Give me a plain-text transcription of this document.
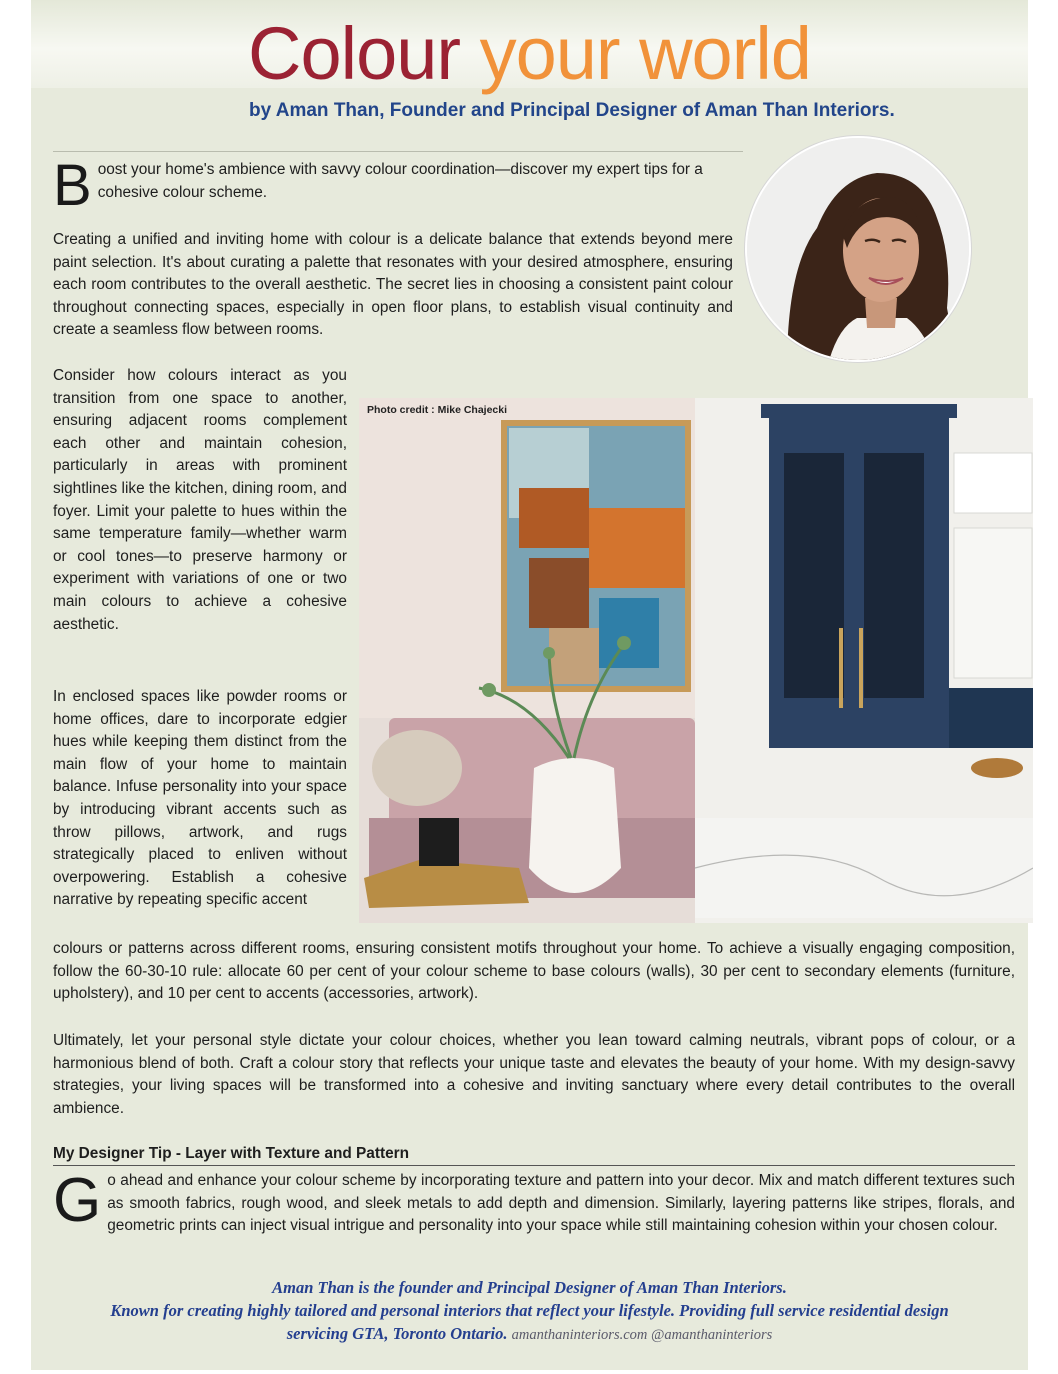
Colour your world
by Aman Than, Founder and Principal Designer of Aman Than Interiors.
Boost your home's ambience with savvy colour coordination—discover my expert tips for a cohesive colour scheme.
Creating a unified and inviting home with colour is a delicate balance that extends beyond mere paint selection. It's about curating a palette that resonates with your desired atmosphere, ensuring each room contributes to the overall aesthetic. The secret lies in choosing a consistent paint colour throughout connecting spaces, especially in open floor plans, to establish visual continuity and create a seamless flow between rooms.
Consider how colours interact as you transition from one space to another, ensuring adjacent rooms complement each other and maintain cohesion, particularly in areas with prominent sightlines like the kitchen, dining room, and foyer. Limit your palette to hues within the same temperature family—whether warm or cool tones—to preserve harmony or experiment with variations of one or two main colours to achieve a cohesive aesthetic.
In enclosed spaces like powder rooms or home offices, dare to incorporate edgier hues while keeping them distinct from the main flow of your home to maintain balance. Infuse personality into your space by introducing vibrant accents such as throw pillows, artwork, and rugs strategically placed to enliven without overpowering. Establish a cohesive narrative by repeating specific accent
Photo credit : Mike Chajecki
colours or patterns across different rooms, ensuring consistent motifs throughout your home. To achieve a visually engaging composition, follow the 60-30-10 rule: allocate 60 per cent of your colour scheme to base colours (walls), 30 per cent to secondary elements (furniture, upholstery), and 10 per cent to accents (accessories, artwork).
Ultimately, let your personal style dictate your colour choices, whether you lean toward calming neutrals, vibrant pops of colour, or a harmonious blend of both. Craft a colour story that reflects your unique taste and elevates the beauty of your home. With my design-savvy strategies, your living spaces will be transformed into a cohesive and inviting sanctuary where every detail contributes to the overall ambience.
My Designer Tip - Layer with Texture and Pattern
Go ahead and enhance your colour scheme by incorporating texture and pattern into your decor. Mix and match different textures such as smooth fabrics, rough wood, and sleek metals to add depth and dimension. Similarly, layering patterns like stripes, florals, and geometric prints can inject visual intrigue and personality into your space while still maintaining cohesion within your chosen colour.
Aman Than is the founder and Principal Designer of Aman Than Interiors.
Known for creating highly tailored and personal interiors that reflect your lifestyle. Providing full service residential design
servicing GTA, Toronto Ontario. amanthaninteriors.com @amanthaninteriors
